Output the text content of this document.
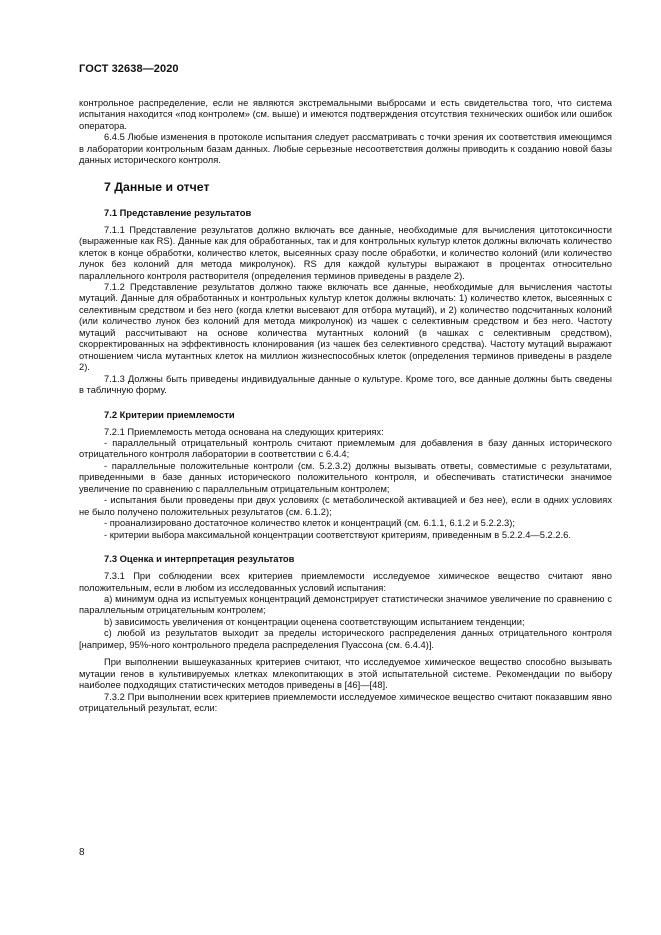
ГОСТ 32638—2020

контрольное распределение, если не являются экстремальными выбросами и есть свидетельства того, что система испытания находится «под контролем» (см. выше) и имеются подтверждения отсутствия технических ошибок или ошибок оператора.

6.4.5 Любые изменения в протоколе испытания следует рассматривать с точки зрения их соответствия имеющимся в лаборатории контрольным базам данных. Любые серьезные несоответствия должны приводить к созданию новой базы данных исторического контроля.

7 Данные и отчет
7.1 Представление результатов

7.1.1 Представление результатов должно включать все данные, необходимые для вычисления цитотоксичности (выраженные как RS). Данные как для обработанных, так и для контрольных культур клеток должны включать количество клеток в конце обработки, количество клеток, высеянных сразу после обработки, и количество колоний (или количество лунок без колоний для метода микролунок). RS для каждой культуры выражают в процентах относительно параллельного контроля растворителя (определения терминов приведены в разделе 2).

7.1.2 Представление результатов должно также включать все данные, необходимые для вычисления частоты мутаций. Данные для обработанных и контрольных культур клеток должны включать: 1) количество клеток, высеянных с селективным средством и без него (когда клетки высевают для отбора мутаций), и 2) количество подсчитанных колоний (или количество лунок без колоний для метода микролунок) из чашек с селективным средством и без него. Частоту мутаций рассчитывают на основе количества мутантных колоний (в чашках с селективным средством), скорректированных на эффективность клонирования (из чашек без селективного средства). Частоту мутаций выражают отношением числа мутантных клеток на миллион жизнеспособных клеток (определения терминов приведены в разделе 2).

7.1.3 Должны быть приведены индивидуальные данные о культуре. Кроме того, все данные должны быть сведены в табличную форму.

7.2 Критерии приемлемости

7.2.1 Приемлемость метода основана на следующих критериях:

- параллельный отрицательный контроль считают приемлемым для добавления в базу данных исторического отрицательного контроля лаборатории в соответствии с 6.4.4;

- параллельные положительные контроли (см. 5.2.3.2) должны вызывать ответы, совместимые с результатами, приведенными в базе данных исторического положительного контроля, и обеспечивать статистически значимое увеличение по сравнению с параллельным отрицательным контролем;

- испытания были проведены при двух условиях (с метаболической активацией и без нее), если в одних условиях не было получено положительных результатов (см. 6.1.2);

- проанализировано достаточное количество клеток и концентраций (см. 6.1.1, 6.1.2 и 5.2.2.3);

- критерии выбора максимальной концентрации соответствуют критериям, приведенным в 5.2.2.4—5.2.2.6.

7.3 Оценка и интерпретация результатов

7.3.1 При соблюдении всех критериев приемлемости исследуемое химическое вещество считают явно положительным, если в любом из исследованных условий испытания:

a) минимум одна из испытуемых концентраций демонстрирует статистически значимое увеличение по сравнению с параллельным отрицательным контролем;

b) зависимость увеличения от концентрации оценена соответствующим испытанием тенденции;

c) любой из результатов выходит за пределы исторического распределения данных отрицательного контроля [например, 95%-ного контрольного предела распределения Пуассона (см. 6.4.4)].

При выполнении вышеуказанных критериев считают, что исследуемое химическое вещество способно вызывать мутации генов в культивируемых клетках млекопитающих в этой испытательной системе. Рекомендации по выбору наиболее подходящих статистических методов приведены в [46]—[48].

7.3.2 При выполнении всех критериев приемлемости исследуемое химическое вещество считают показавшим явно отрицательный результат, если:

8
